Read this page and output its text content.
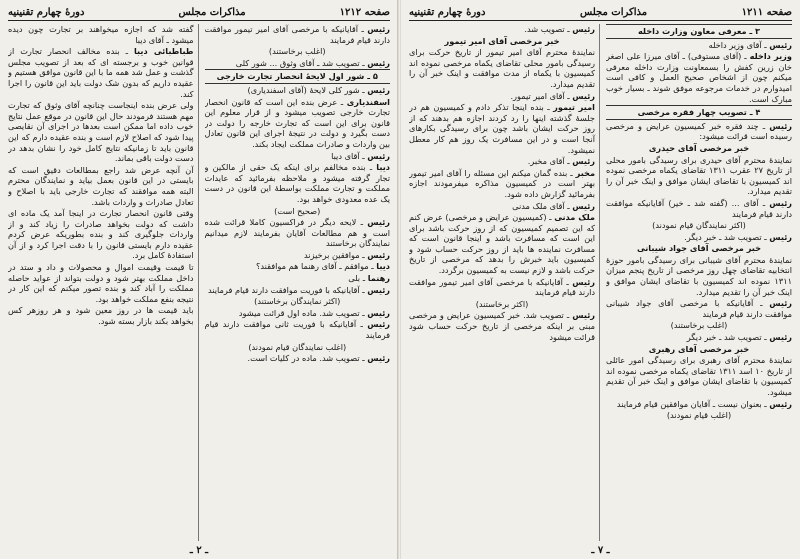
صفحه ۱۲۱۲
مذاکرات مجلس
دورۀ چهارم تقنینیه

رئیس ـ آقایانیکه با مرخصی آقای امیر تیمور موافقت دارند قیام فرمایند

(اغلب برخاستند)

رئیس ـ تصویب شد ـ آقای وثوق ... شور کلی

۵ ـ شور اول لایحۀ انحصار تجارت خارجی

رئیس ـ شور کلی لایحۀ (آقای اسفندیاری)

اسفندیاری ـ عرض بنده این است که قانون انحصار تجارت خارجی تصویب میشود و از قرار معلوم این قانون برای این است که تجارت خارجه را دولت در دست بگیرد و دولت در نتیجۀ اجرای این قانون تعادل بین واردات و صادرات مملکت ایجاد بکند.

رئیس ـ آقای دیبا

دیبا ـ بنده مخالفم برای اینکه یک حقی از مالکین و تجار گرفته میشود و ملاحظه بفرمائید که عایدات مملکت و تجارت مملکت بواسطۀ این قانون در دست یک عده معدودی خواهد بود.

(صحیح است)

رئیس ـ لایحه دیگر در فراکسیون کاملا قرائت شده است و هم مطالعات آقایان بفرمایند لازم میدانیم نمایندگان برخاستند

رئیس ـ موافقین برخیزند

دیبا ـ موافقم ـ آقای رهنما هم موافقند؟

رهنما ـ بلی

رئیس ـ آقایانیکه با فوریت موافقت دارند قیام فرمایند

(اکثر نمایندگان برخاستند)

رئیس ـ تصویب شد. ماده اول قرائت میشود

رئیس ـ آقایانیکه با فوریت ثانی موافقت دارند قیام فرمایند

(اغلب نمایندگان قیام نمودند)

رئیس ـ تصویب شد. ماده در کلیات است.

گفته شد که اجازه میخواهند بر تجارت چون دیده میشود ـ آقای دیبا

طباطبائی دیبا ـ بنده مخالف انحصار تجارت از قوانین خوب و برجسته ای که بعد از تصویب مجلس گذشت و عمل شد همه ما با این قانون موافق هستیم و عقیده داریم که بدون شک دولت باید این قانون را اجرا کند.

ولی عرض بنده اینجاست چنانچه آقای وثوق که تجارت مهم هستند فرمودند حال این قانون در موقع عمل نتایج خوب داده اما ممکن است بعدها در اجرای آن نقایصی پیدا شود که اصلاح لازم است و بنده عقیده دارم که این قانون باید تا زمانیکه نتایج کامل خود را نشان بدهد در دست دولت باقی بماند.

آن آنچه عرض شد راجع بمطالعات دقیق است که بایستی در این قانون بعمل بیاید و نمایندگان محترم البته همه موافقند که تجارت خارجی باید با اصلاح و تعادل صادرات و واردات باشد.

وقتی قانون انحصار تجارت در اینجا آمد یک ماده ای داشت که دولت بخواهد صادرات را زیاد کند و از واردات جلوگیری کند و بنده بطوریکه عرض کردم عقیده دارم بایستی قانون را با دقت اجرا کرد و از آن استفادۀ کامل برد.

تا قیمت وقیمت اموال و محصولات و داد و ستد در داخل مملکت بهتر شود و دولت بتواند از عواید حاصله مملکت را آباد کند و بنده تصور میکنم که این کار در نتیجه بنفع مملکت خواهد بود.

باید قیمت ها در روز معین شود و هر روزهر کس بخواهد بکند بازار بسته شود.

ـ ۲ ـ
صفحه ۱۲۱۱
مذاکرات مجلس
دورۀ چهارم تقنينيه

۳ ـ معرفی معاون وزارت داخله

رئیس ـ آقای وزیر داخله

وزیر داخله ـ (آقای مستوفی) ـ آقای میرزا علی اصغر خان زرین کفش را بسمعاونت وزارت داخله معرفی میکنم چون از اشخاص صحیح العمل و کافی است امیدوارم در خدمات مرجوعه موفق شوند ـ بسیار خوب مبارک است.

۴ ـ تصویب چهار فقره مرخصی

رئیس ـ چند فقره خبر کمیسیون عرایض و مرخصی رسیده است قرائت میشود:

خبر مرخصی آقای حیدری

نمایندۀ محترم آقای حیدری برای رسیدگی بامور محلی از تاریخ ۲۷ عقرب ۱۳۱۱ تقاضای یکماه مرخصی نموده اند کمیسیون با تقاضای ایشان موافق و اینک خبر آن را تقدیم میدارد.

رئیس ـ آقای ... (گفته شد ـ خیر) آقایانیکه موافقت دارند قیام فرمایند

(اکثر نمایندگان قیام نمودند)

رئیس ـ تصویب شد ـ خبر دیگر.

خبر مرخصی آقای جواد شیبانی

نمایندۀ محترم آقای شیبانی برای رسیدگی بامور حوزۀ انتخابیه تقاضای چهل روز مرخصی از تاریخ پنجم میزان ۱۳۱۱ نموده اند کمیسیون با تقاضای ایشان موافق و اینک خبر آن را تقدیم میدارد.

رئیس ـ آقایانیکه با مرخصی آقای جواد شیبانی موافقت دارند قیام فرمایند

(اغلب برخاستند)

رئیس ـ تصویب شد ـ خبر دیگر

خبر مرخصی آقای رهبری

نمایندۀ محترم آقای رهبری برای رسیدگی امور عائلی از تاریخ ۱۰ اسد ۱۳۱۱ تقاضای یکماه مرخصی نموده اند کمیسیون با تقاضای ایشان موافق و اینک خبر آن تقدیم میشود.

رئیس ـ بعنوان نیست ـ آقایان موافقین قیام فرمایند

(اغلب قیام نمودند)

رئیس ـ تصویب شد.

خبر مرخصی آقای امیر تیمور

نمایندۀ محترم آقای امیر تیمور از تاریخ حرکت برای رسیدگی بامور محلی تقاضای یکماه مرخصی نموده اند کمیسیون با یکماه از مدت موافقت و اینک خبر آن را تقدیم میدارد.

رئیس ـ آقای امیر تیمور.

امیر تیمور ـ بنده اینجا تذکر دادم و کمیسیون هم در جلسۀ گذشته اینها را رد کردند اجازه هم بدهند که از روز حرکت ایشان باشد چون برای رسیدگی بکارهای آنجا است و در این مسافرت یک روز هم کار معطل نمیشود.

رئیس ـ آقای مخبر.

مخبر ـ بنده گمان میکنم این مسئله را آقای امیر تیمور بهتر است در کمیسیون مذاکره میفرمودند اجازه بفرمائید گزارش داده شود.

رئیس ـ آقای ملک مدنی

ملک مدنی ـ (کمیسیون عرایض و مرخصی) عرض کنم که این تصمیم کمیسیون که از روز حرکت باشد برای این است که مسافرت باشد و اینجا قانون است که مسافرت نماینده ها باید از روز حرکت حساب شود و کمیسیون باید خبرش را بدهد که مرخصی از تاریخ حرکت باشد و لازم نیست به کمیسیون برگردد.

رئیس ـ آقایانیکه با مرخصی آقای امیر تیمور موافقت دارند قیام فرمایند

(اکثر برخاستند)

رئیس ـ تصویب شد. خبر کمیسیون عرایض و مرخصی مبنی بر اینکه مرخصی از تاریخ حرکت حساب شود قرائت میشود

ـ ۷ ـ
